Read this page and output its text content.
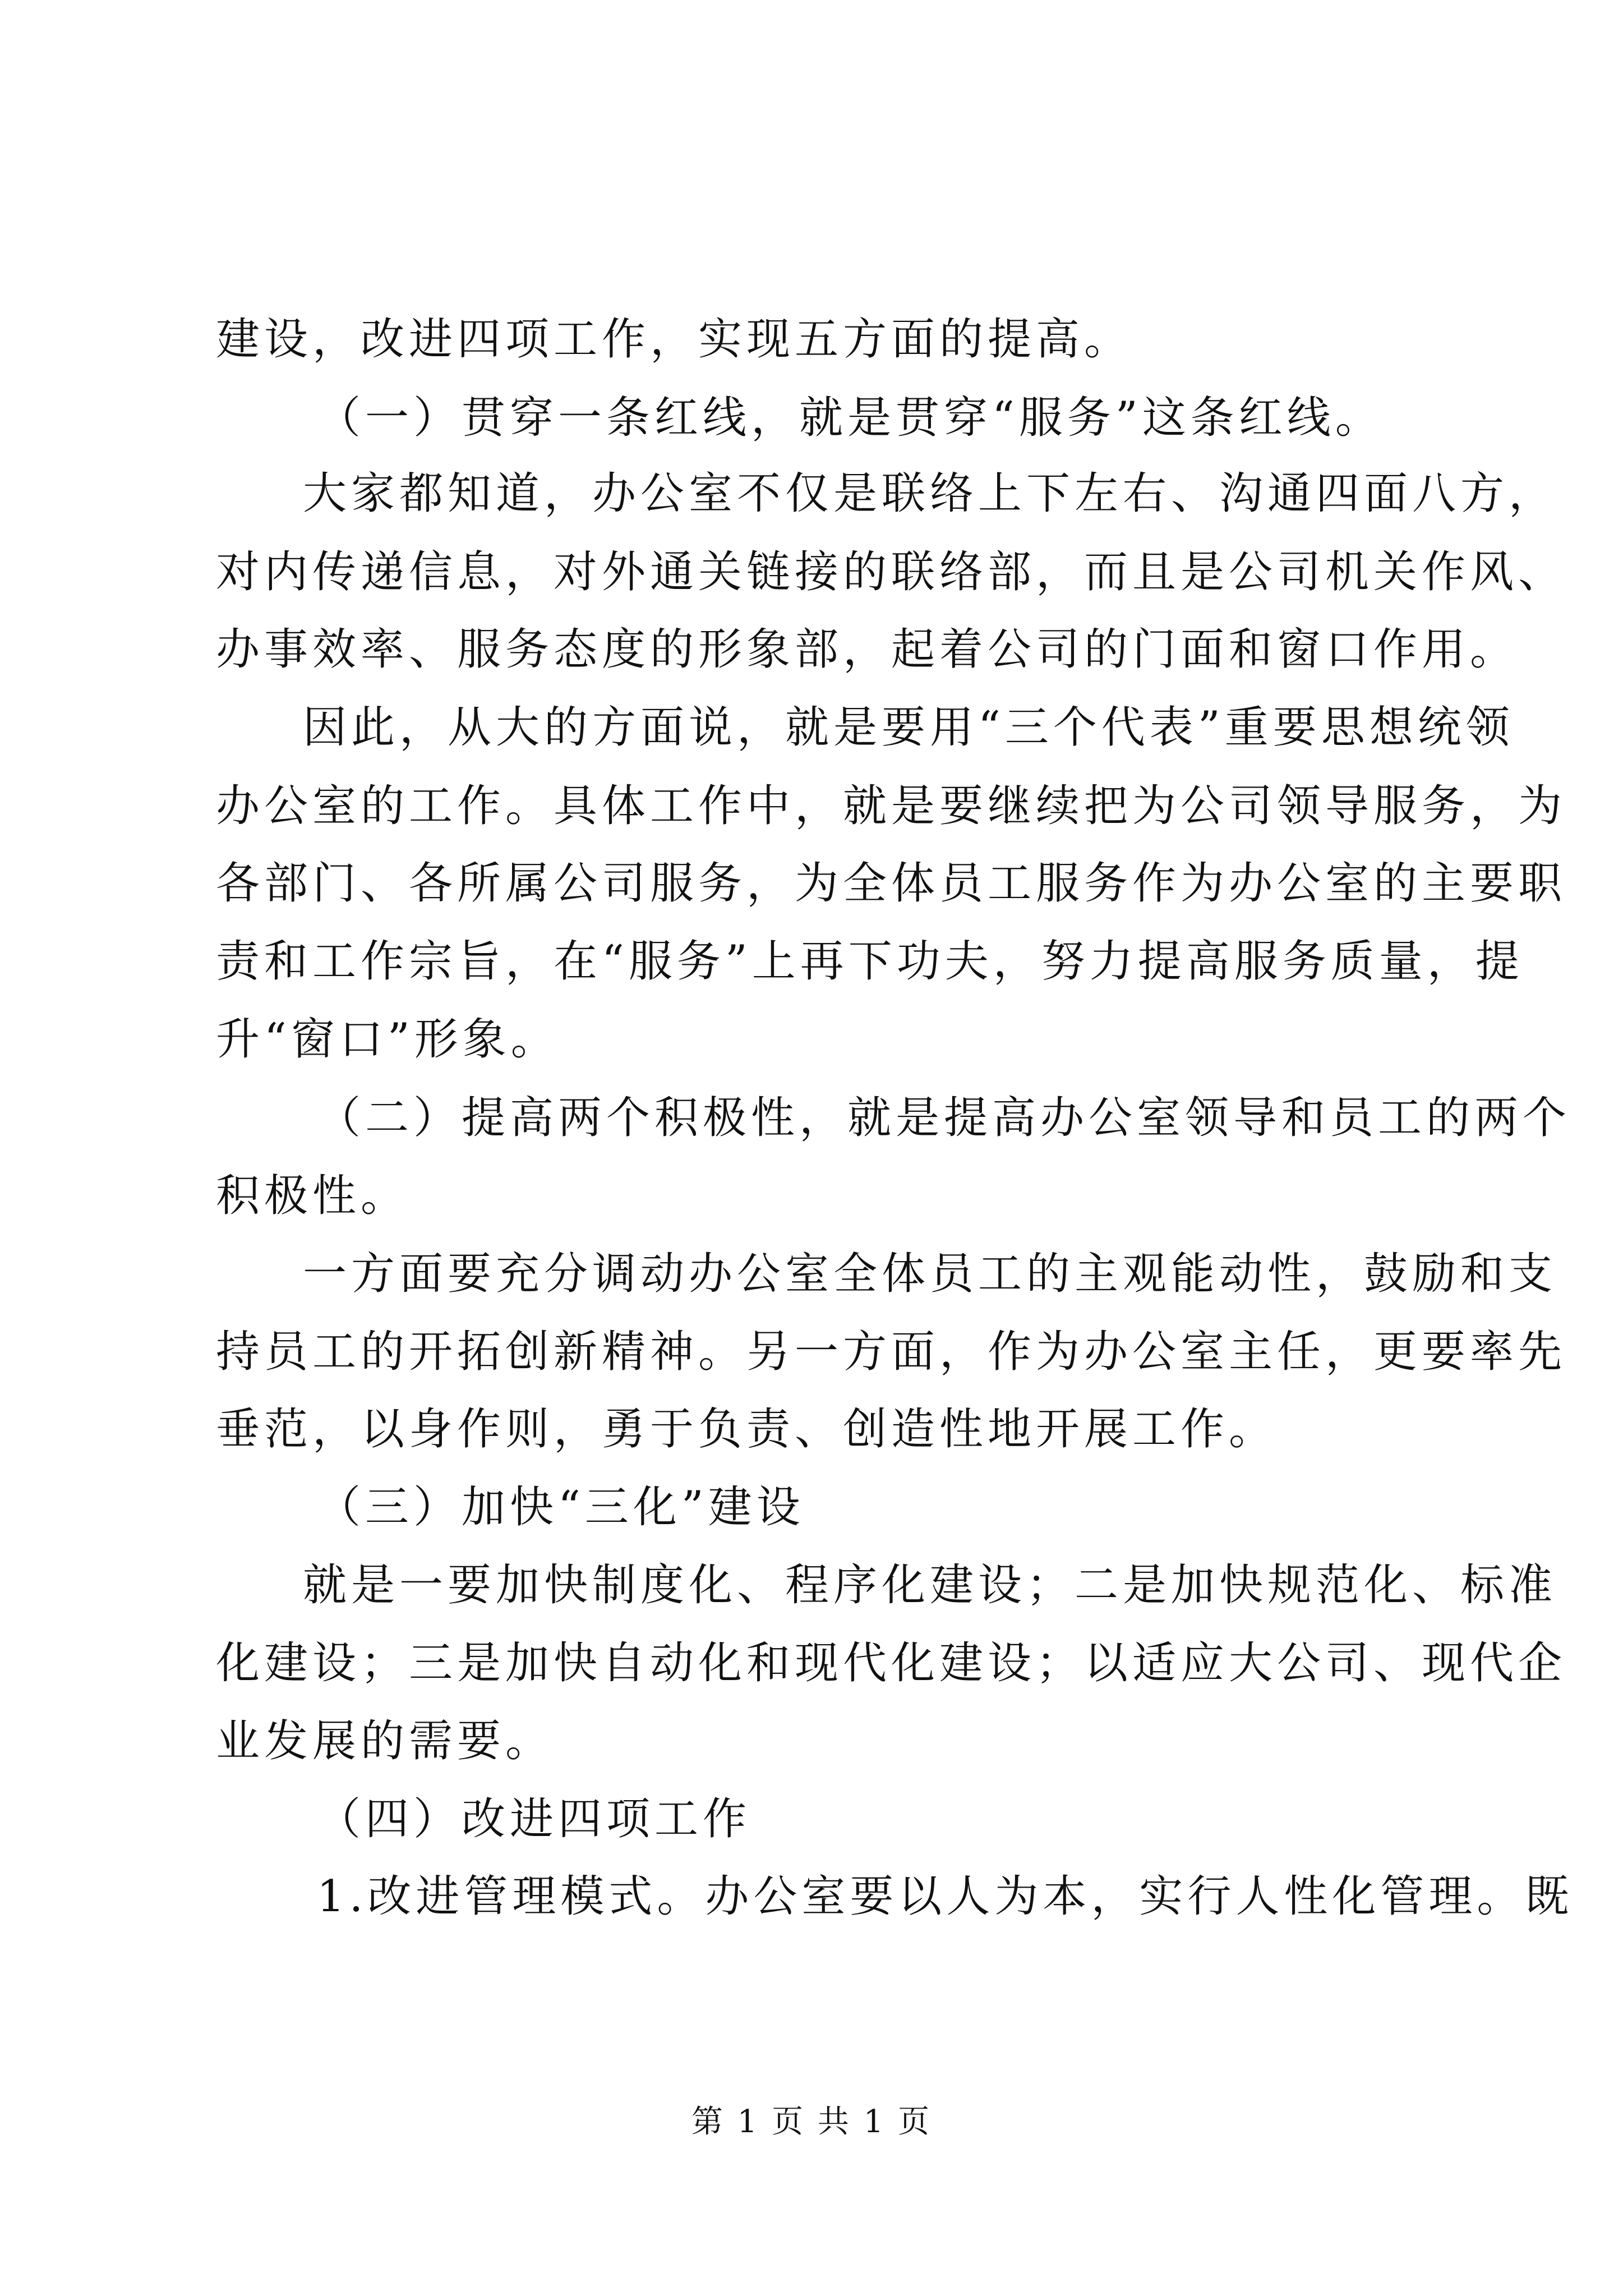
建设，改进四项工作，实现五方面的提高。
（一）贯穿一条红线，就是贯穿“服务”这条红线。
大家都知道，办公室不仅是联络上下左右、沟通四面八方，
对内传递信息，对外通关链接的联络部，而且是公司机关作风、
办事效率、服务态度的形象部，起着公司的门面和窗口作用。
因此，从大的方面说，就是要用“三个代表”重要思想统领
办公室的工作。具体工作中，就是要继续把为公司领导服务，为
各部门、各所属公司服务，为全体员工服务作为办公室的主要职
责和工作宗旨，在“服务”上再下功夫，努力提高服务质量，提
升“窗口”形象。
（二）提高两个积极性，就是提高办公室领导和员工的两个
积极性。
一方面要充分调动办公室全体员工的主观能动性，鼓励和支
持员工的开拓创新精神。另一方面，作为办公室主任，更要率先
垂范，以身作则，勇于负责、创造性地开展工作。
（三）加快“三化”建设
就是一要加快制度化、程序化建设；二是加快规范化、标准
化建设；三是加快自动化和现代化建设；以适应大公司、现代企
业发展的需要。
（四）改进四项工作
1.改进管理模式。办公室要以人为本，实行人性化管理。既
第 1 页 共 1 页
